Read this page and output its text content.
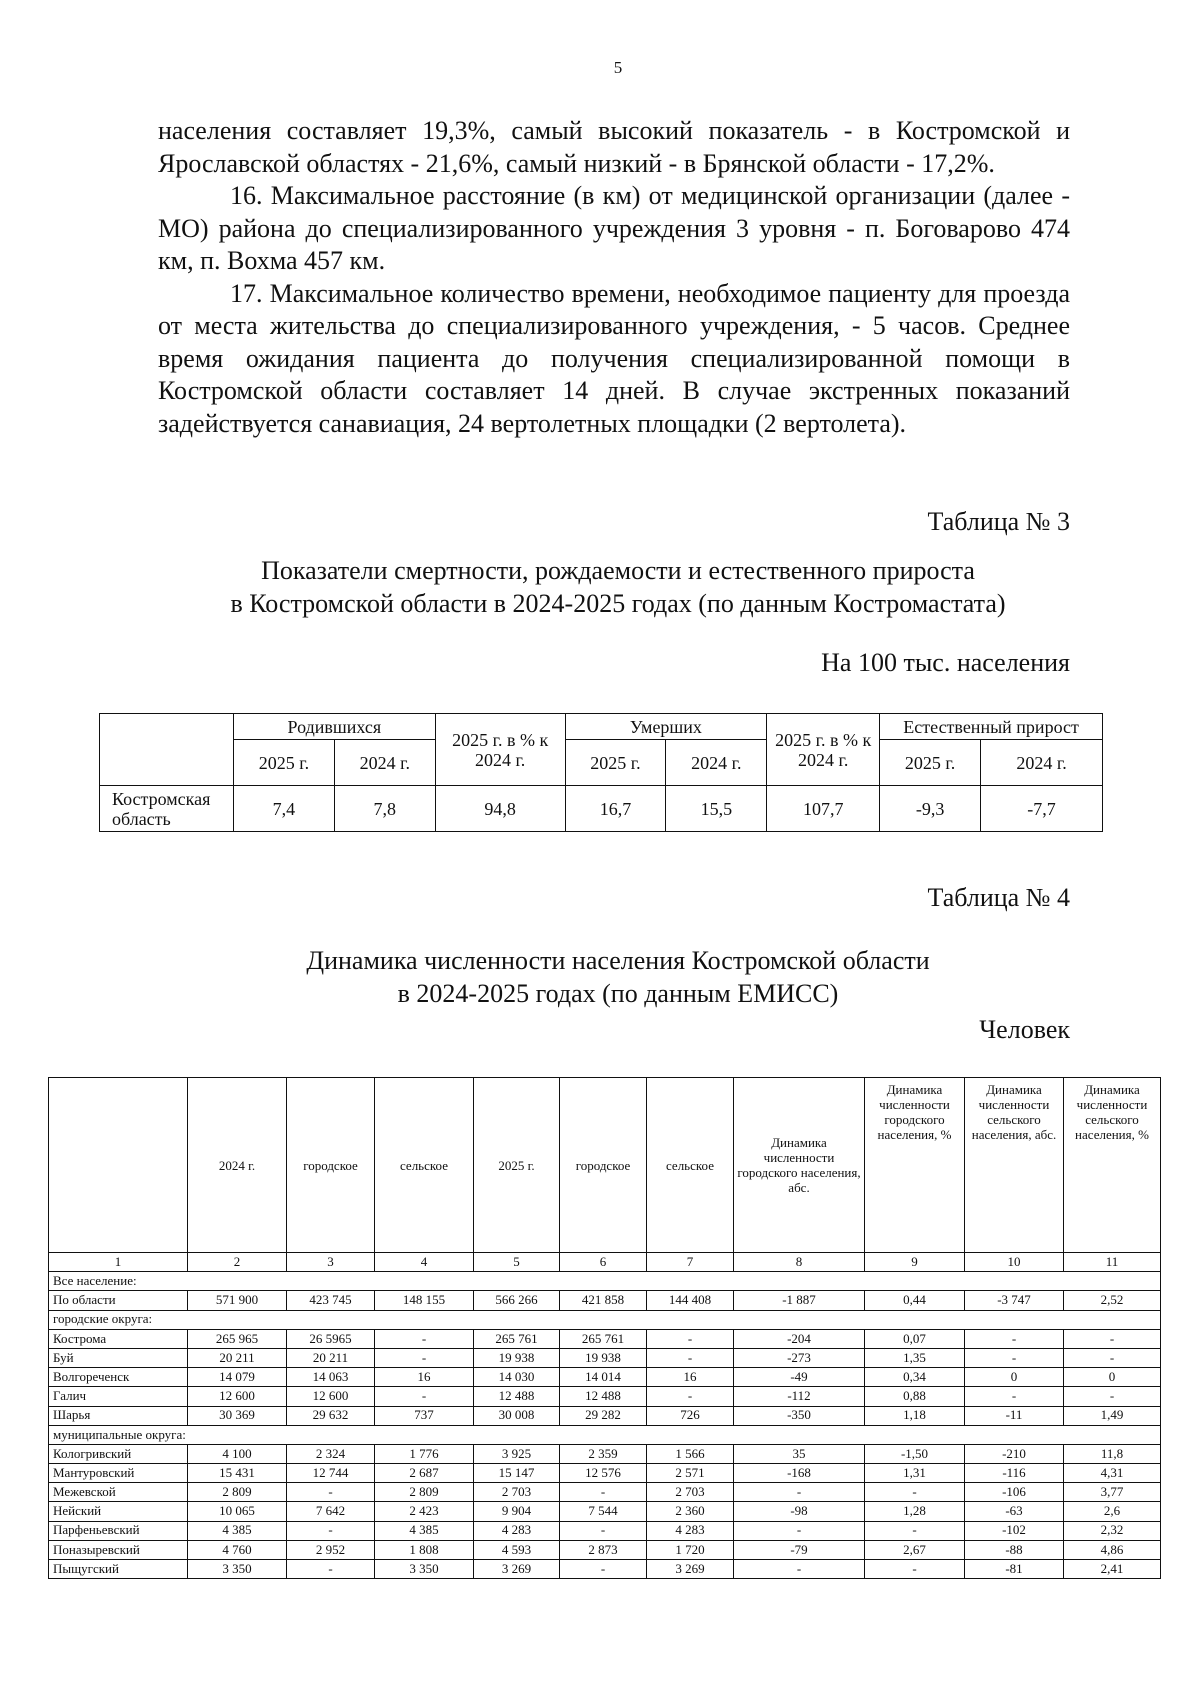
5

населения составляет 19,3%, самый высокий показатель - в Костромской и Ярославской областях - 21,6%, самый низкий - в Брянской области - 17,2%.

16. Максимальное расстояние (в км) от медицинской организации (далее - МО) района до специализированного учреждения 3 уровня - п. Боговарово 474 км, п. Вохма 457 км.

17. Максимальное количество времени, необходимое пациенту для проезда от места жительства до специализированного учреждения, - 5 часов. Среднее время ожидания пациента до получения специализированной помощи в Костромской области составляет 14 дней. В случае экстренных показаний задействуется санавиация, 24 вертолетных площадки (2 вертолета).

Таблица № 3
Показатели смертности, рождаемости и естественного прироста
в Костромской области в 2024-2025 годах (по данным Костромастата)
На 100 тыс. населения
	Родившихся		2025 г. в % к 2024 г.	Умерших		2025 г. в % к 2024 г.	Естественный прирост	
	2025 г.	2024 г.		2025 г.	2024 г.		2025 г.	2024 г.
Костромская область	7,4	7,8	94,8	16,7	15,5	107,7	-9,3	-7,7
Таблица № 4
Динамика численности населения Костромской области
в 2024-2025 годах (по данным ЕМИСС)
Человек
	2024 г.	городское	сельское	2025 г.	городское	сельское	Динамика численности городского населения, абс.	Динамика численности городского населения, %	Динамика численности сельского населения, абс.	Динамика численности сельского населения, %
1	2	3	4	5	6	7	8	9	10	11
Все население:										
По области	571 900	423 745	148 155	566 266	421 858	144 408	-1 887	0,44	-3 747	2,52
городские округа:										
Кострома	265 965	26 5965	-	265 761	265 761	-	-204	0,07	-	-
Буй	20 211	20 211	-	19 938	19 938	-	-273	1,35	-	-
Волгореченск	14 079	14 063	16	14 030	14 014	16	-49	0,34	0	0
Галич	12 600	12 600	-	12 488	12 488	-	-112	0,88	-	-
Шарья	30 369	29 632	737	30 008	29 282	726	-350	1,18	-11	1,49
муниципальные округа:										
Кологривский	4 100	2 324	1 776	3 925	2 359	1 566	35	-1,50	-210	11,8
Мантуровский	15 431	12 744	2 687	15 147	12 576	2 571	-168	1,31	-116	4,31
Межевской	2 809	-	2 809	2 703	-	2 703	-	-	-106	3,77
Нейский	10 065	7 642	2 423	9 904	7 544	2 360	-98	1,28	-63	2,6
Парфеньевский	4 385	-	4 385	4 283	-	4 283	-	-	-102	2,32
Поназыревский	4 760	2 952	1 808	4 593	2 873	1 720	-79	2,67	-88	4,86
Пыщугский	3 350	-	3 350	3 269	-	3 269	-	-	-81	2,41
